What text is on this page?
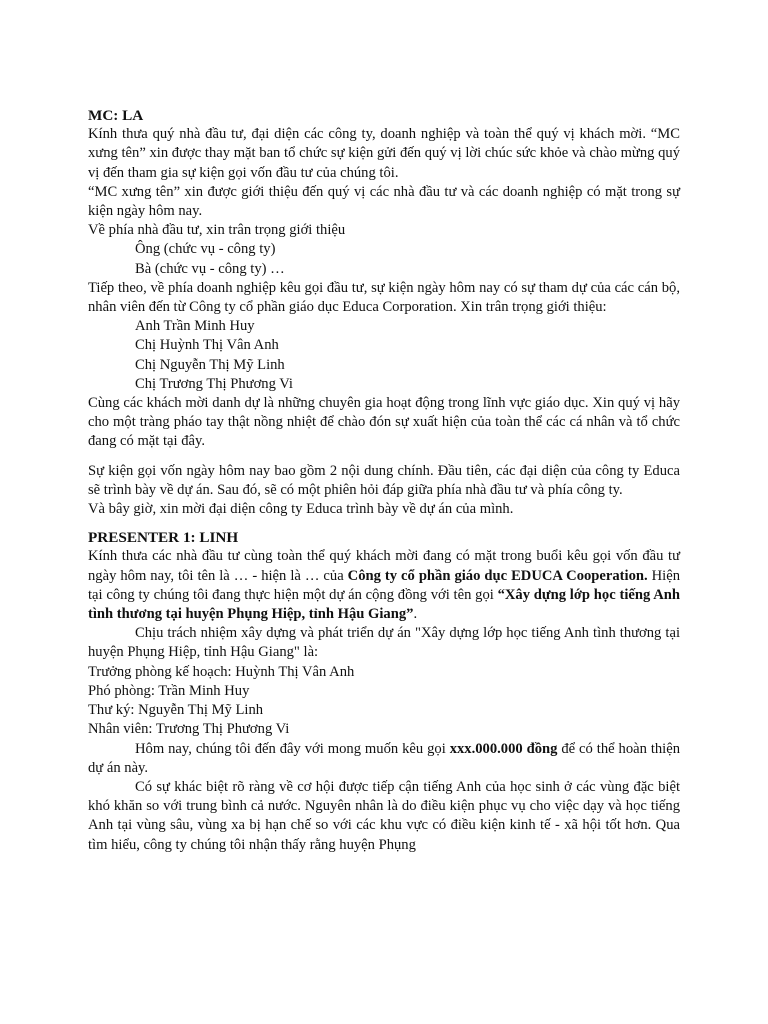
MC: LA

Kính thưa quý nhà đầu tư, đại diện các công ty, doanh nghiệp và toàn thể quý vị khách mời. “MC xưng tên” xin được thay mặt ban tổ chức sự kiện gửi đến quý vị lời chúc sức khỏe và chào mừng quý vị đến tham gia sự kiện gọi vốn đầu tư của chúng tôi.

“MC xưng tên” xin được giới thiệu đến quý vị các nhà đầu tư và các doanh nghiệp có mặt trong sự kiện ngày hôm nay.

Về phía nhà đầu tư, xin trân trọng giới thiệu

Ông (chức vụ - công ty)

Bà (chức vụ - công ty) …

Tiếp theo, về phía doanh nghiệp kêu gọi đầu tư, sự kiện ngày hôm nay có sự tham dự của các cán bộ, nhân viên đến từ Công ty cổ phần giáo dục Educa Corporation. Xin trân trọng giới thiệu:

Anh Trần Minh Huy

Chị Huỳnh Thị Vân Anh

Chị Nguyễn Thị Mỹ Linh

Chị Trương Thị Phương Vi

Cùng các khách mời danh dự là những chuyên gia hoạt động trong lĩnh vực giáo dục. Xin quý vị hãy cho một tràng pháo tay thật nồng nhiệt để chào đón sự xuất hiện của toàn thể các cá nhân và tổ chức đang có mặt tại đây.

Sự kiện gọi vốn ngày hôm nay bao gồm 2 nội dung chính. Đầu tiên, các đại diện của công ty Educa sẽ trình bày về dự án. Sau đó, sẽ có một phiên hỏi đáp giữa phía nhà đầu tư và phía công ty.

Và bây giờ, xin mời đại diện công ty Educa trình bày về dự án của mình.

PRESENTER 1: LINH

Kính thưa các nhà đầu tư cùng toàn thể quý khách mời đang có mặt trong buổi kêu gọi vốn đầu tư ngày hôm nay, tôi tên là … - hiện là … của Công ty cổ phần giáo dục EDUCA Cooperation. Hiện tại công ty chúng tôi đang thực hiện một dự án cộng đồng với tên gọi “Xây dựng lớp học tiếng Anh tình thương tại huyện Phụng Hiệp, tỉnh Hậu Giang”.

Chịu trách nhiệm xây dựng và phát triển dự án "Xây dựng lớp học tiếng Anh tình thương tại huyện Phụng Hiệp, tỉnh Hậu Giang" là:

Trưởng phòng kế hoạch: Huỳnh Thị Vân Anh

Phó phòng: Trần Minh Huy

Thư ký: Nguyễn Thị Mỹ Linh

Nhân viên: Trương Thị Phương Vi

Hôm nay, chúng tôi đến đây với mong muốn kêu gọi xxx.000.000 đồng để có thể hoàn thiện dự án này.

Có sự khác biệt rõ ràng về cơ hội được tiếp cận tiếng Anh của học sinh ở các vùng đặc biệt khó khăn so với trung bình cả nước. Nguyên nhân là do điều kiện phục vụ cho việc dạy và học tiếng Anh tại vùng sâu, vùng xa bị hạn chế so với các khu vực có điều kiện kinh tế - xã hội tốt hơn. Qua tìm hiểu, công ty chúng tôi nhận thấy rằng huyện Phụng
